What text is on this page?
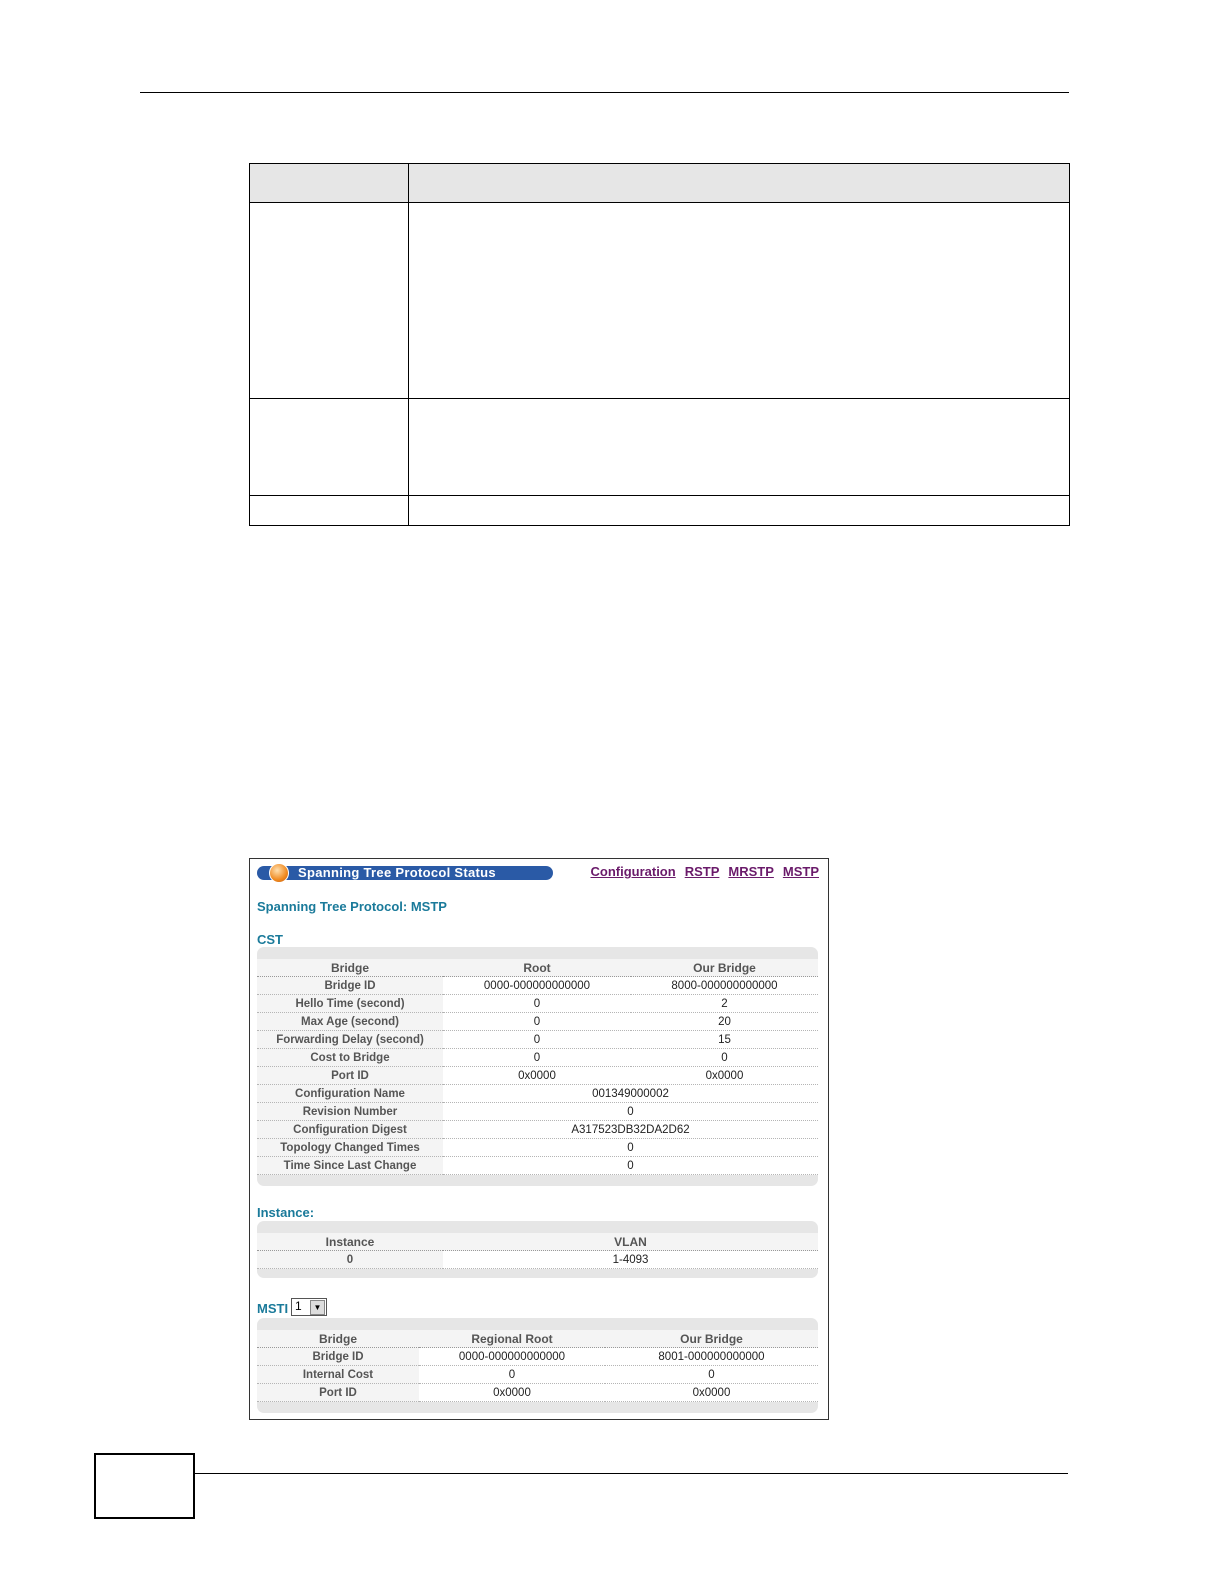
Spanning Tree Protocol Status	Configuration RSTP MRSTP MSTP
Spanning Tree Protocol: MSTP
CST
Bridge	Root	Our Bridge
Bridge ID	0000-000000000000	8000-000000000000
Hello Time (second)	0	2
Max Age (second)	0	20
Forwarding Delay (second)	0	15
Cost to Bridge	0	0
Port ID	0x0000	0x0000
Configuration Name	001349000002	
Revision Number	0	
Configuration Digest	A317523DB32DA2D62	
Topology Changed Times	0	
Time Since Last Change	0	
Instance:
Instance	VLAN
0	1-4093
MSTI 1	▼
Bridge	Regional Root	Our Bridge
Bridge ID	0000-000000000000	8001-000000000000
Internal Cost	0	0
Port ID	0x0000	0x0000
